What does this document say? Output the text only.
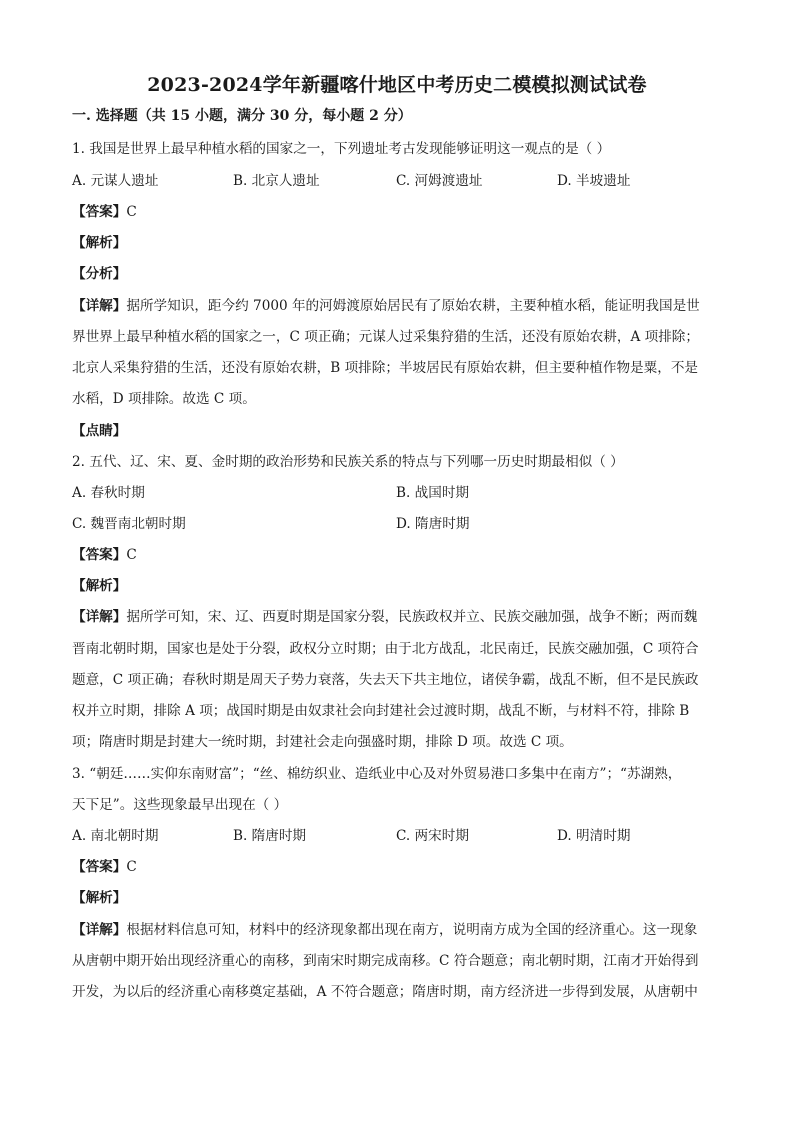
2023-2024学年新疆喀什地区中考历史二模模拟测试试卷
一. 选择题（共 15 小题，满分 30 分，每小题 2 分）
1. 我国是世界上最早种植水稻的国家之一，下列遗址考古发现能够证明这一观点的是（ ）
A. 元谋人遗址	B. 北京人遗址	C. 河姆渡遗址	D. 半坡遗址
【答案】C
【解析】
【分析】
【详解】据所学知识，距今约 7000 年的河姆渡原始居民有了原始农耕，主要种植水稻，能证明我国是世
界世界上最早种植水稻的国家之一，C 项正确；元谋人过采集狩猎的生活，还没有原始农耕，A 项排除；
北京人采集狩猎的生活，还没有原始农耕，B 项排除；半坡居民有原始农耕，但主要种植作物是粟，不是
水稻，D 项排除。故选 C 项。
【点睛】
2. 五代、辽、宋、夏、金时期的政治形势和民族关系的特点与下列哪一历史时期最相似（ ）
A. 春秋时期	B. 战国时期
C. 魏晋南北朝时期	D. 隋唐时期
【答案】C
【解析】
【详解】据所学可知，宋、辽、西夏时期是国家分裂，民族政权并立、民族交融加强，战争不断；两而魏
晋南北朝时期，国家也是处于分裂，政权分立时期；由于北方战乱，北民南迁，民族交融加强，C 项符合
题意，C 项正确；春秋时期是周天子势力衰落，失去天下共主地位，诸侯争霸，战乱不断，但不是民族政
权并立时期，排除 A 项；战国时期是由奴隶社会向封建社会过渡时期，战乱不断，与材料不符，排除 B
项；隋唐时期是封建大一统时期，封建社会走向强盛时期，排除 D 项。故选 C 项。
3. “朝廷……实仰东南财富”；“丝、棉纺织业、造纸业中心及对外贸易港口多集中在南方”；“苏湖熟，
天下足”。这些现象最早出现在（ ）
A. 南北朝时期	B. 隋唐时期	C. 两宋时期	D. 明清时期
【答案】C
【解析】
【详解】根据材料信息可知，材料中的经济现象都出现在南方，说明南方成为全国的经济重心。这一现象
从唐朝中期开始出现经济重心的南移，到南宋时期完成南移。C 符合题意；南北朝时期，江南才开始得到
开发，为以后的经济重心南移奠定基础，A 不符合题意；隋唐时期，南方经济进一步得到发展，从唐朝中
